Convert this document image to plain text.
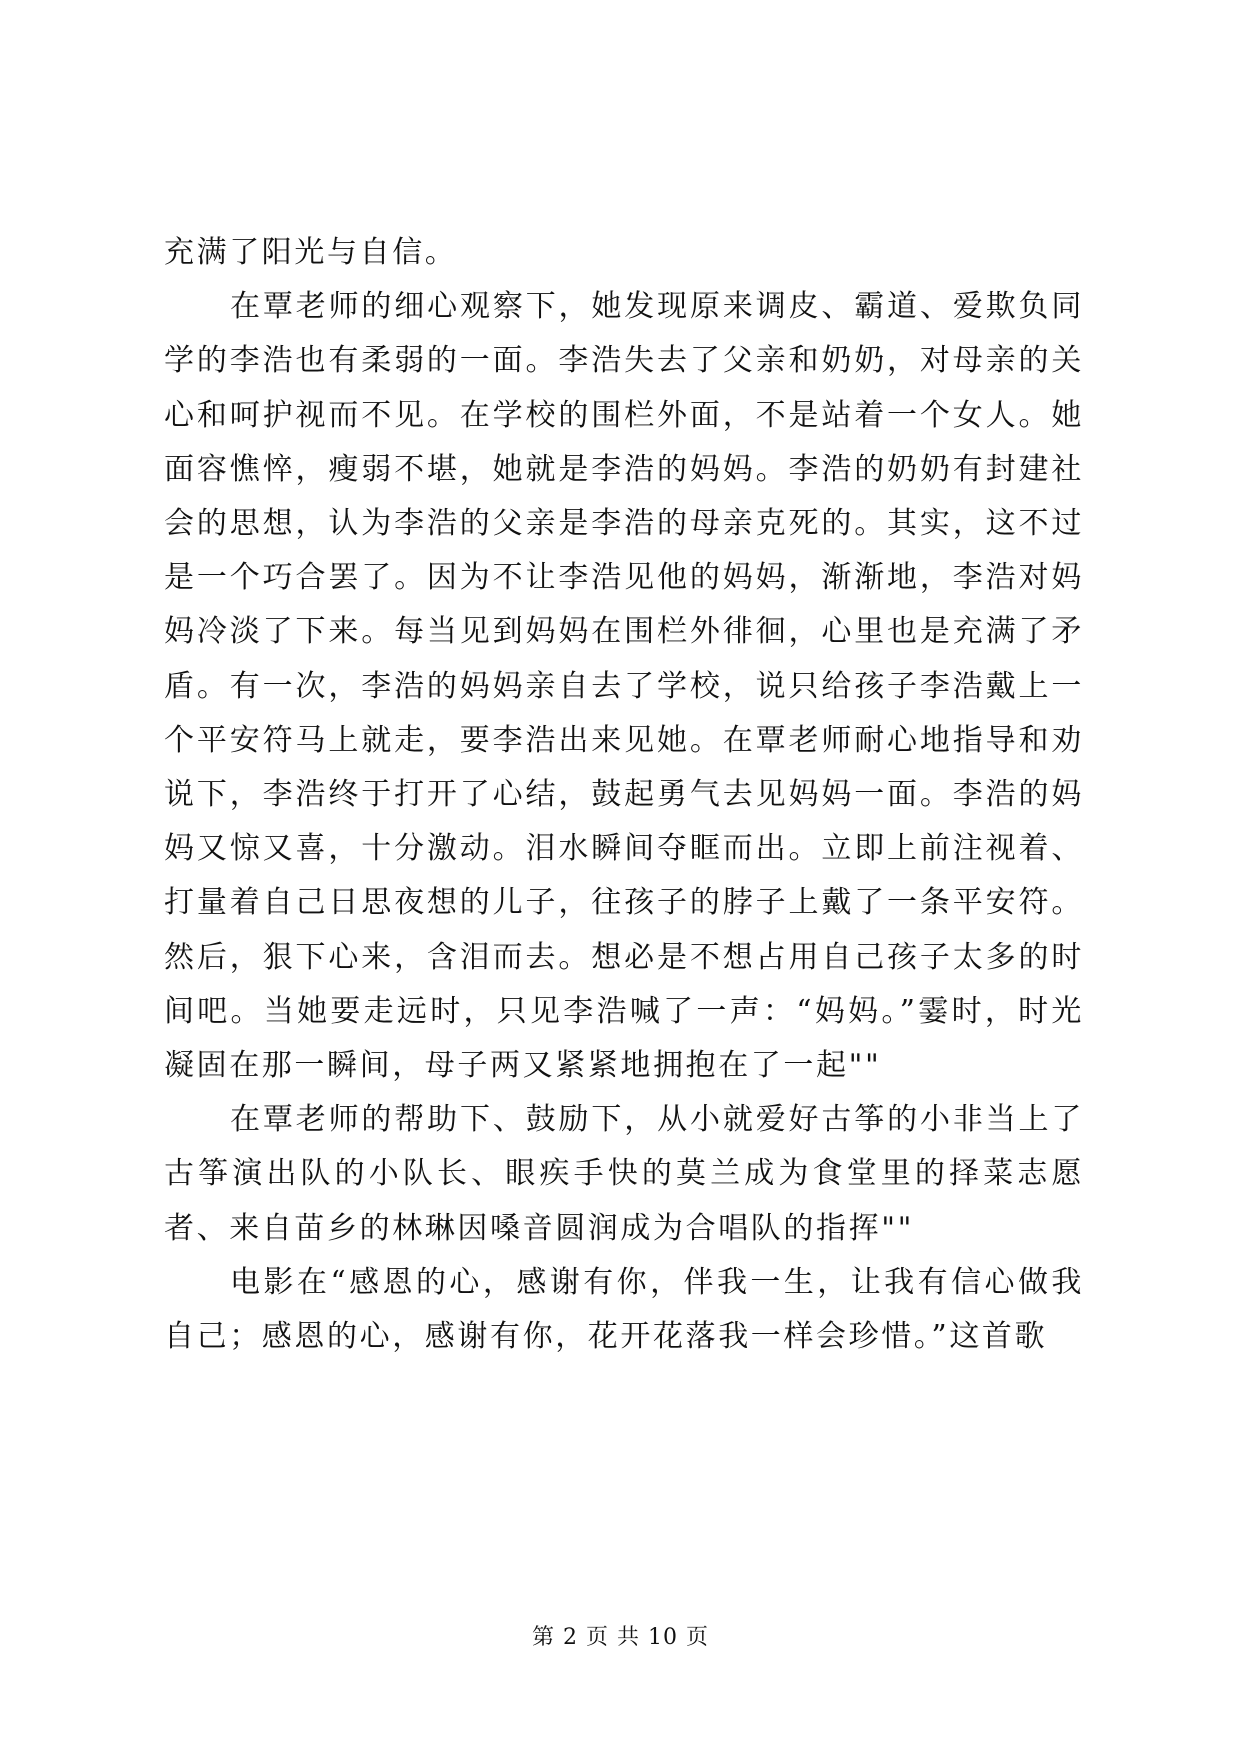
充满了阳光与自信。

在覃老师的细心观察下，她发现原来调皮、霸道、爱欺负同学的李浩也有柔弱的一面。李浩失去了父亲和奶奶，对母亲的关心和呵护视而不见。在学校的围栏外面，不是站着一个女人。她面容憔悴，瘦弱不堪，她就是李浩的妈妈。李浩的奶奶有封建社会的思想，认为李浩的父亲是李浩的母亲克死的。其实，这不过是一个巧合罢了。因为不让李浩见他的妈妈，渐渐地，李浩对妈妈冷淡了下来。每当见到妈妈在围栏外徘徊，心里也是充满了矛盾。有一次，李浩的妈妈亲自去了学校，说只给孩子李浩戴上一个平安符马上就走，要李浩出来见她。在覃老师耐心地指导和劝说下，李浩终于打开了心结，鼓起勇气去见妈妈一面。李浩的妈妈又惊又喜，十分激动。泪水瞬间夺眶而出。立即上前注视着、打量着自己日思夜想的儿子，往孩子的脖子上戴了一条平安符。然后，狠下心来，含泪而去。想必是不想占用自己孩子太多的时间吧。当她要走远时，只见李浩喊了一声：“妈妈。”霎时，时光凝固在那一瞬间，母子两又紧紧地拥抱在了一起""

在覃老师的帮助下、鼓励下，从小就爱好古筝的小非当上了古筝演出队的小队长、眼疾手快的莫兰成为食堂里的择菜志愿者、来自苗乡的林琳因嗓音圆润成为合唱队的指挥""

电影在“感恩的心，感谢有你，伴我一生，让我有信心做我自己；感恩的心，感谢有你，花开花落我一样会珍惜。”这首歌

第 2 页 共 10 页
